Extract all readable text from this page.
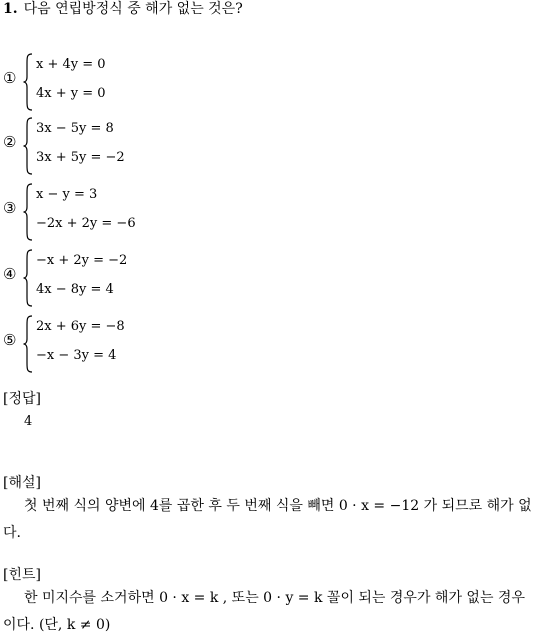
1. 다음 연립방정식 중 해가 없는 것은?
①
x + 4y = 0
4x + y = 0
②
3x − 5y = 8
3x + 5y = −2
③
x − y = 3
−2x + 2y = −6
④
−x + 2y = −2
4x − 8y = 4
⑤
2x + 6y = −8
−x − 3y = 4
[정답]
4
[해설]
첫 번째 식의 양변에 4를 곱한 후 두 번째 식을 빼면 0 · x = −12 가 되므로 해가 없다.
[힌트]
한 미지수를 소거하면 0 · x = k , 또는 0 · y = k 꼴이 되는 경우가 해가 없는 경우이다. (단, k ≠ 0)
